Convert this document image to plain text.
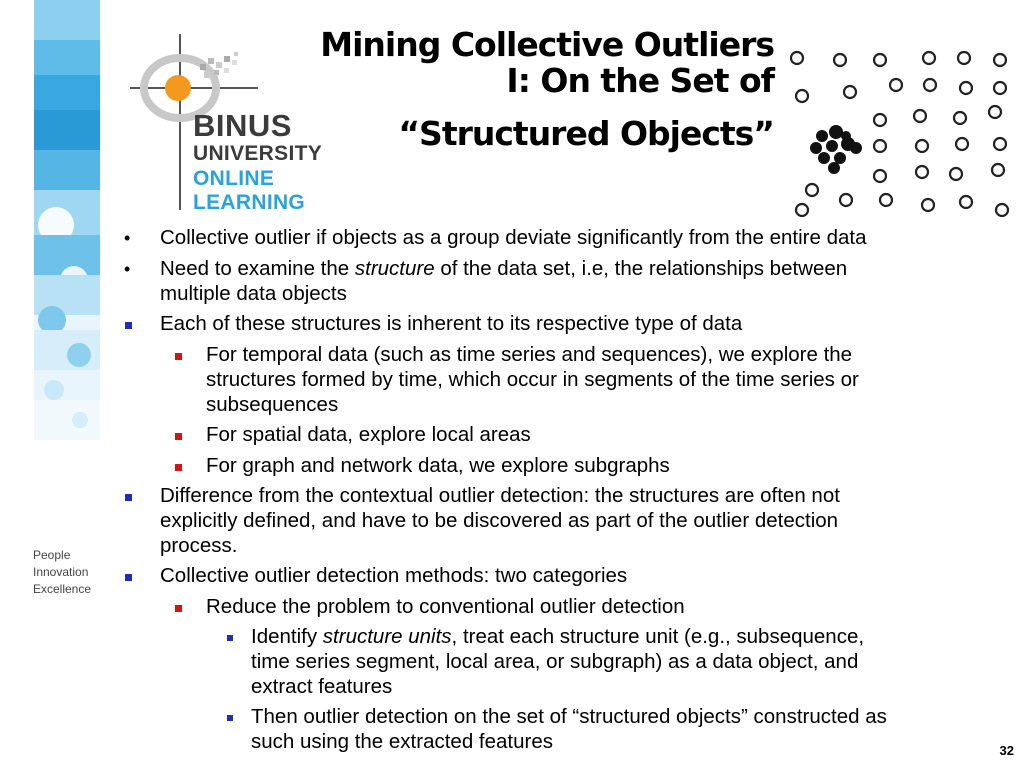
BINUS
UNIVERSITY
ONLINE
LEARNING
People
Innovation
Excellence
Mining Collective Outliers
I: On the Set of
“Structured Objects”
• Collective outlier if objects as a group deviate significantly from the entire data
• Need to examine the structure of the data set, i.e, the relationships between
multiple data objects
Each of these structures is inherent to its respective type of data
For temporal data (such as time series and sequences), we explore the
structures formed by time, which occur in segments of the time series or
subsequences
For spatial data, explore local areas
For graph and network data, we explore subgraphs
Difference from the contextual outlier detection: the structures are often not
explicitly defined, and have to be discovered as part of the outlier detection
process.
Collective outlier detection methods: two categories
Reduce the problem to conventional outlier detection
Identify structure units, treat each structure unit (e.g., subsequence,
time series segment, local area, or subgraph) as a data object, and
extract features
Then outlier detection on the set of “structured objects” constructed as
such using the extracted features	32
